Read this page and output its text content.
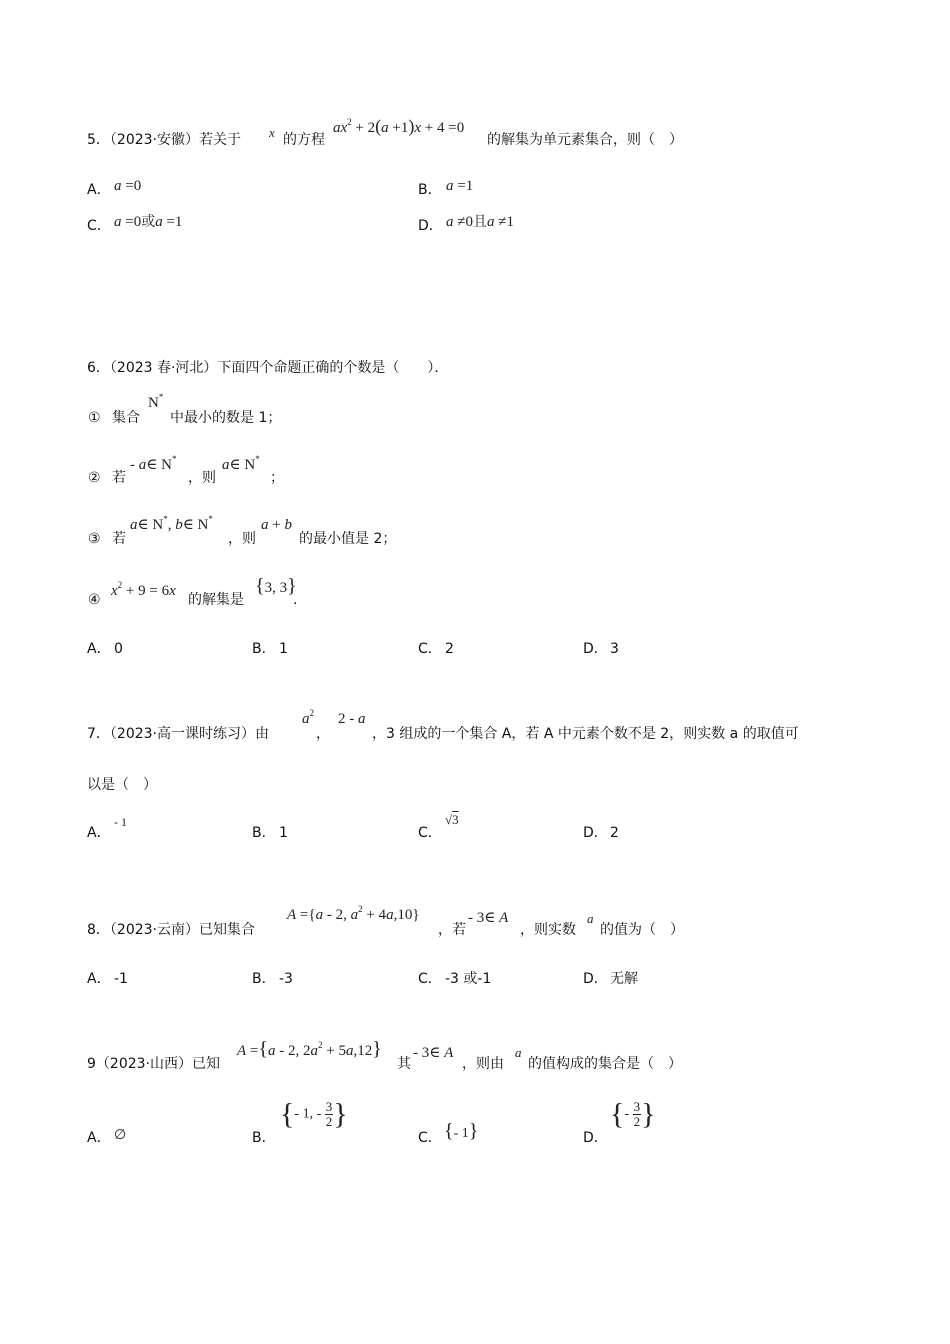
5．（2023·安徽）若关于 x 的方程
$ax^2 + 2(a +1)x + 4 =0$
的解集为单元素集合，则（　）
A． a =0	B． a =1
C． a =0或a =1	D． a ≠0且a ≠1
6．（2023 春·河北）下面四个命题正确的个数是（　　）．
① 集合
N*
中最小的数是 1；
② 若
- a∈ N*
，则
a∈ N*
；
③ 若
a∈ N*, b∈ N*
，则
a + b
的最小值是 2；
④
$x^2 + 9 = 6x$
的解集是
{3, 3}
.
A． 0	B． 1	C． 2	D． 3
7．（2023·高一课时练习）由
$a^2$
，
2 - a
，3 组成的一个集合 A，若 A 中元素个数不是 2，则实数 a 的取值可
以是（　）
A．
- 1
B． 1	C．
√3
D． 2
8．（2023·云南）已知集合
A ={a - 2, $a^2 + 4a,10$}
，若
- 3∈ A
，则实数
a
的值为（　）
A． -1	B． -3	C． -3 或-1	D． 无解
9（2023·山西）已知
A ={a - 2, $2a^2 + 5a,12$}
其
- 3∈ A
，则由
a
的值构成的集合是（　）
A． ∅	B．
{- 1, - $\frac{3}{2}$ }
C． {- 1}	D．
{- $\frac{3}{2}$ }
